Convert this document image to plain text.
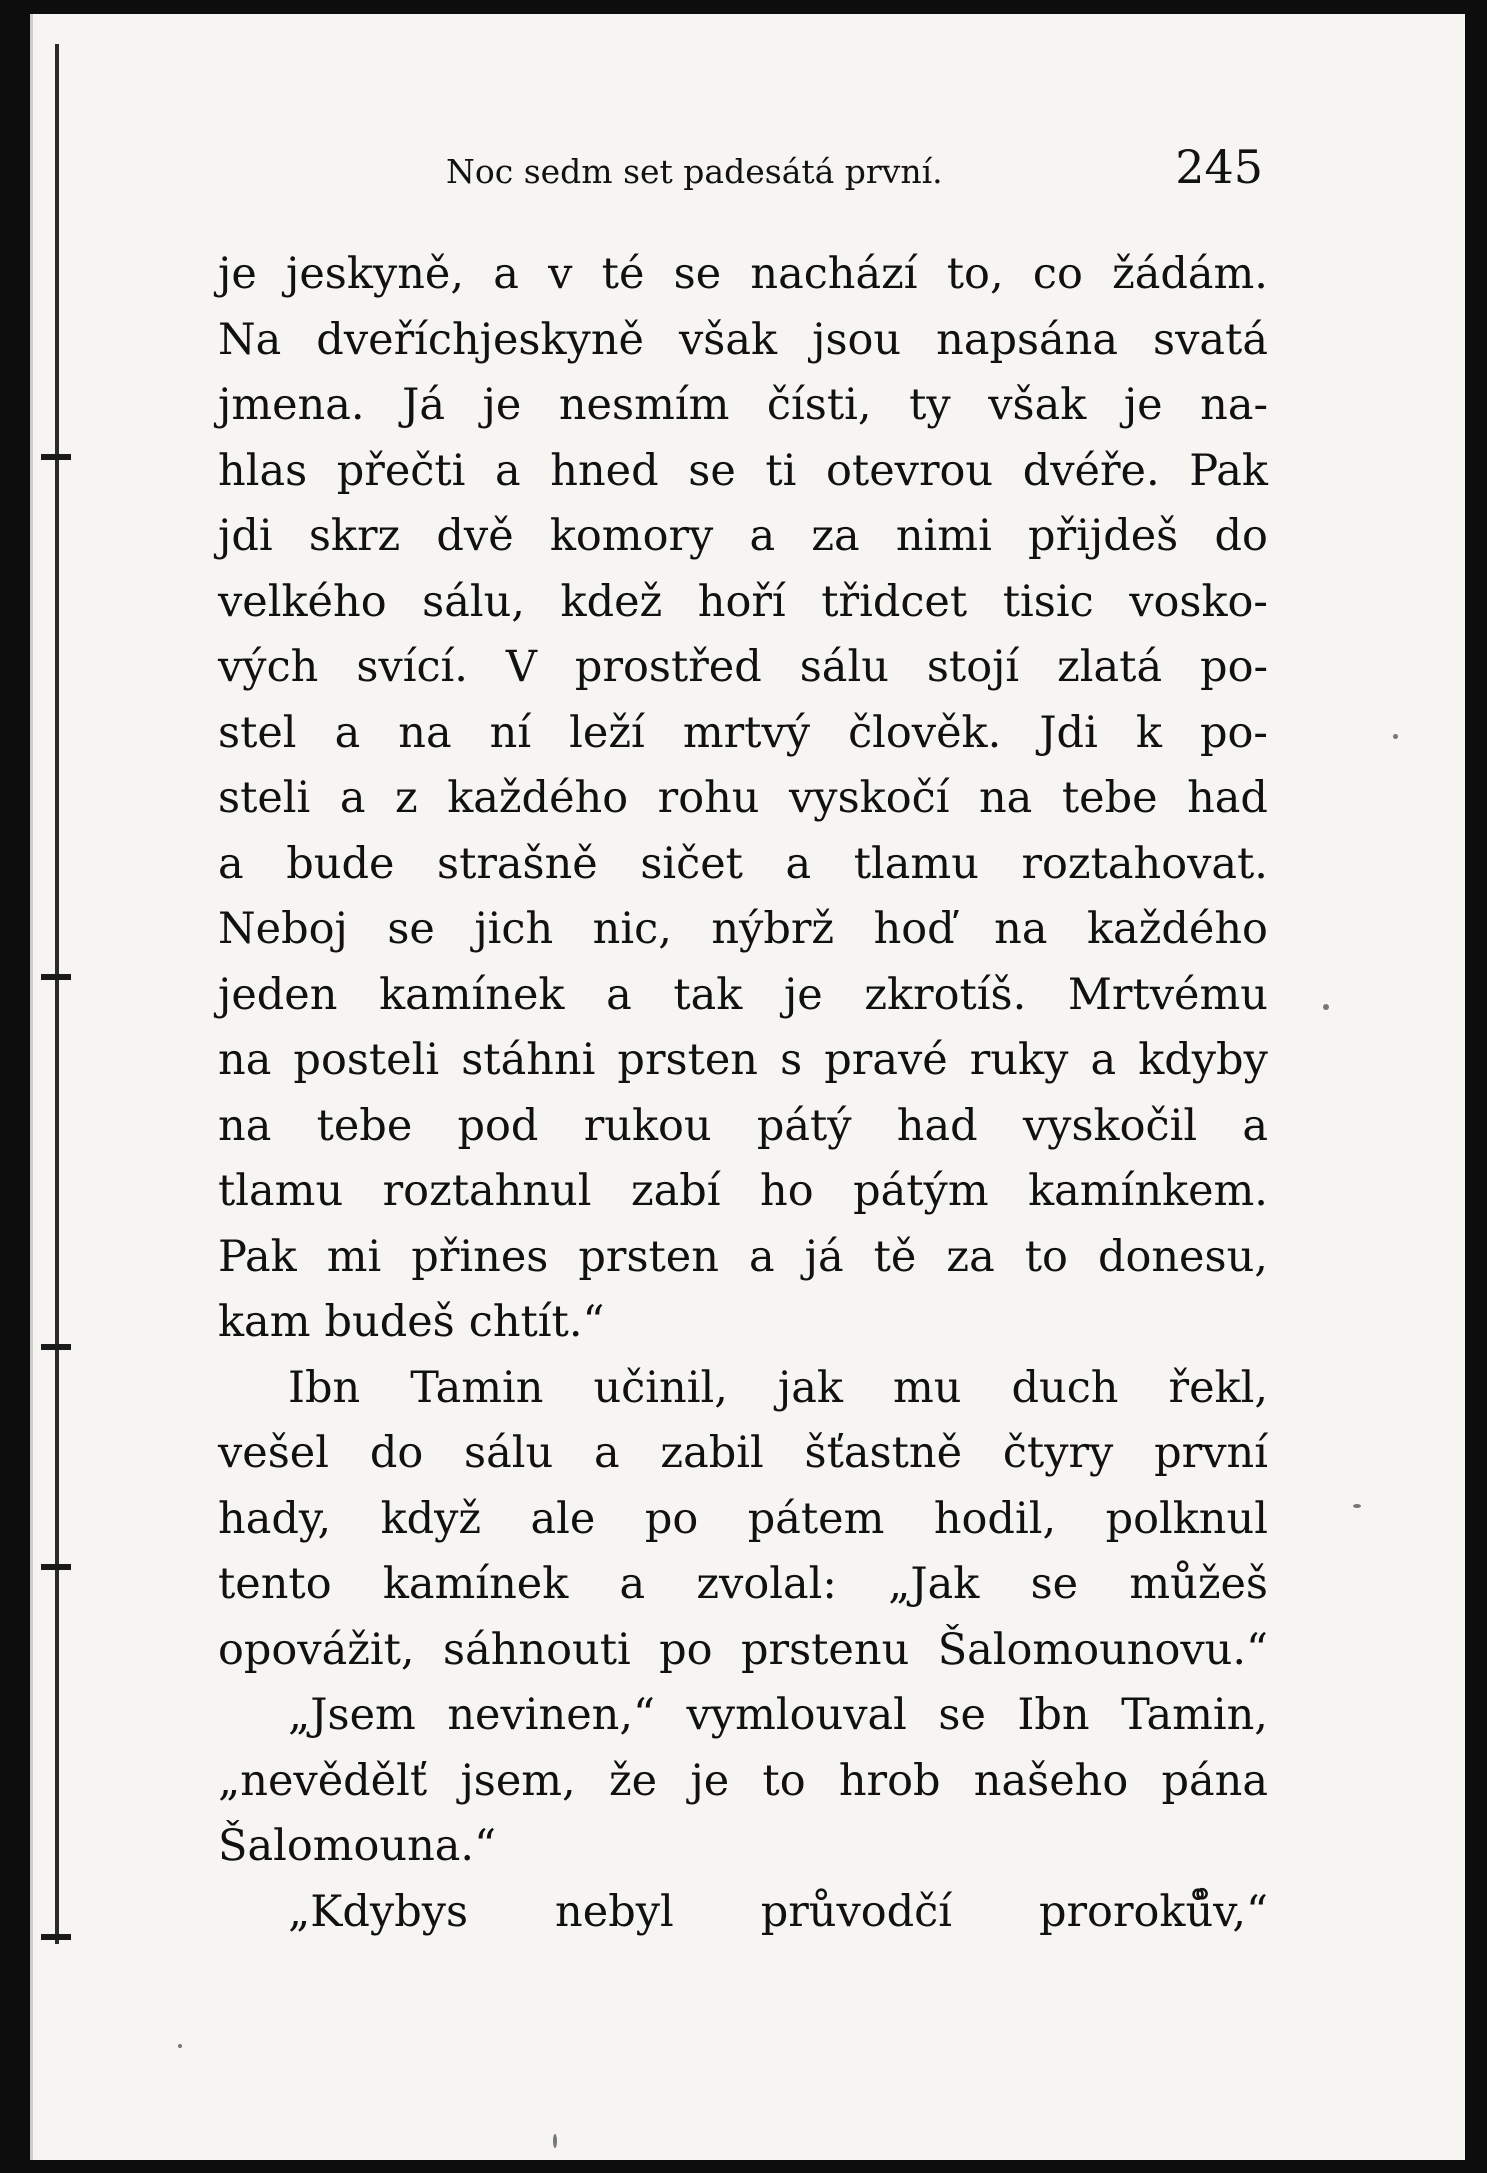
Noc sedm set padesátá první.	245
je jeskyně, a v té se nachází to, co žádám.
Na dveříchjeskyně však jsou napsána svatá
jmena. Já je nesmím čísti, ty však je na-
hlas přečti a hned se ti otevrou dvéře. Pak
jdi skrz dvě komory a za nimi přijdeš do
velkého sálu, kdež hoří třidcet tisic vosko-
vých svící. V prostřed sálu stojí zlatá po-
stel a na ní leží mrtvý člověk. Jdi k po-
steli a z každého rohu vyskočí na tebe had
a bude strašně sičet a tlamu roztahovat.
Neboj se jich nic, nýbrž hoď na každého
jeden kamínek a tak je zkrotíš. Mrtvému
na posteli stáhni prsten s pravé ruky a kdyby
na tebe pod rukou pátý had vyskočil a
tlamu roztahnul zabí ho pátým kamínkem.
Pak mi přines prsten a já tě za to donesu,
kam budeš chtít.“
Ibn Tamin učinil, jak mu duch řekl,
vešel do sálu a zabil šťastně čtyry první
hady, když ale po pátem hodil, polknul
tento kamínek a zvolal: „Jak se můžeš
opovážit, sáhnouti po prstenu Šalomounovu.“
„Jsem nevinen,“ vymlouval se Ibn Tamin,
„nevědělť jsem, že je to hrob našeho pána
Šalomouna.“
„Kdybys nebyl průvodčí proroků̊v,“
